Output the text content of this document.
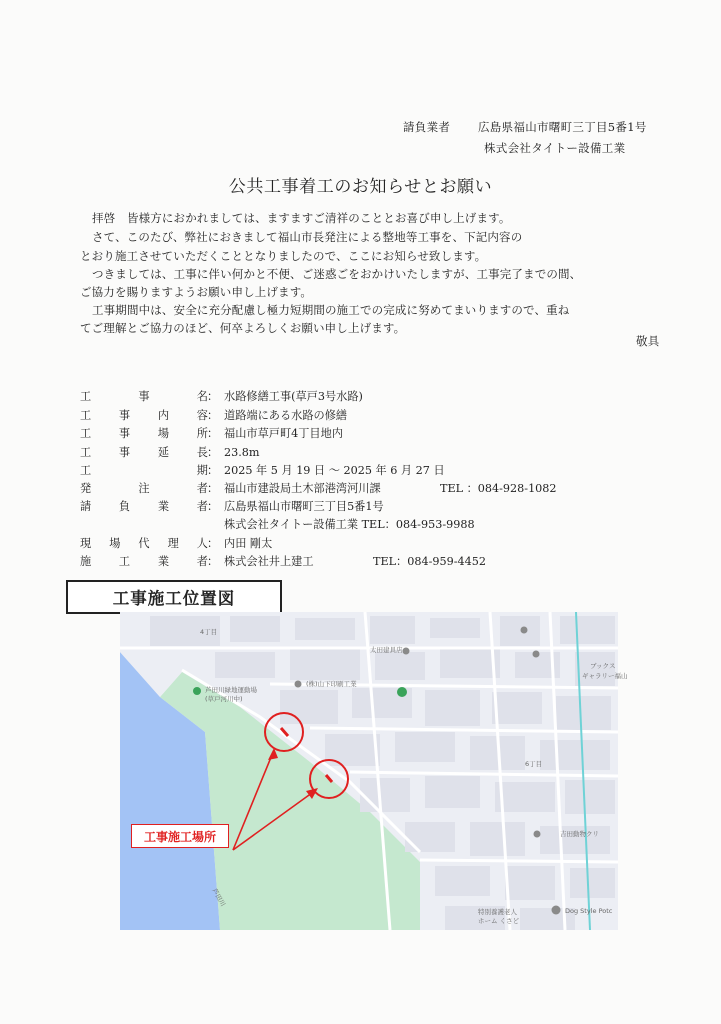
請負業者 広島県福山市曙町三丁目5番1号
株式会社タイトー設備工業
公共工事着工のお知らせとお願い
拝啓　皆様方におかれましては、ますますご清祥のこととお喜び申し上げます。
さて、このたび、弊社におきまして福山市長発注による整地等工事を、下記内容の
とおり施工させていただくこととなりましたので、ここにお知らせ致します。
つきましては、工事に伴い何かと不便、ご迷惑ごをおかけいたしますが、工事完了までの間、
ご協力を賜りますようお願い申し上げます。
工事期間中は、安全に充分配慮し極力短期間の施工での完成に努めてまいりますので、重ね
てご理解とご協力のほど、何卒よろしくお願い申し上げます。
敬具
工	事	名 ： 水路修繕工事(草戸3号水路)
工 事 内 容 ： 道路端にある水路の修繕
工 事 場 所 ： 福山市草戸町4丁目地内
工 事 延 長 ： 23.8m
工	期 ： 2025 年 5 月 19 日 ～ 2025 年 6 月 27 日
発	注	者 ： 福山市建設局土木部港湾河川課	TEL ：084-928-1082
請 負 業 者 ： 広島県福山市曙町三丁目5番1号
株式会社タイトー設備工業 TEL：084-953-9988
現 場 代 理 人 ： 内田 剛太
施 工 業 者 ： 株式会社井上建工	TEL：084-959-4452
工事施工位置図
4丁目
6丁目
芦田川緑地運動場
(草戸河川中)
(株)山下印刷工業
太田建具店
芦田川
Dog Style Potc
吉田動物クリ
特別養護老人
ホーム くさど
ブックス
ギャラリー福山
工事施工場所
